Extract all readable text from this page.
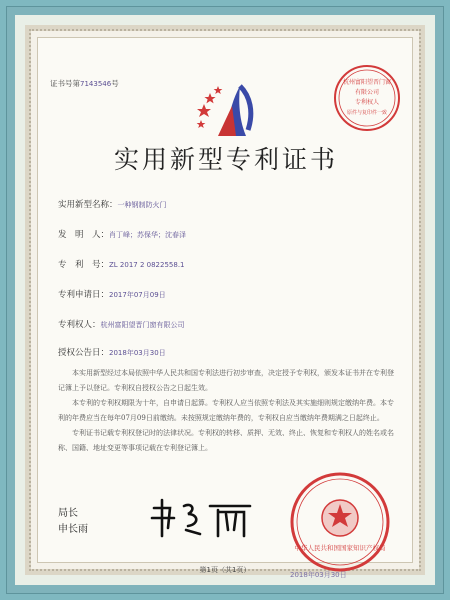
证书号第7143546号	杭州富阳望晋门窗
有限公司
专利权人
原件与复印件一致
实用新型专利证书
实用新型名称：一种钢制防火门
发　明　人：肖丁峰；苏保华；沈春泽
专　利　号：ZL 2017 2 0822558.1
专利申请日：2017年07月09日
专利权人：杭州富阳望晋门窗有限公司
授权公告日：2018年03月30日
本实用新型经过本局依照中华人民共和国专利法进行初步审查，决定授予专利权，颁发本证书并在专利登记簿上予以登记。专利权自授权公告之日起生效。
本专利的专利权期限为十年，自申请日起算。专利权人应当依照专利法及其实施细则规定缴纳年费。本专利的年费应当在每年07月09日前缴纳。未按照规定缴纳年费的，专利权自应当缴纳年费期满之日起终止。
专利证书记载专利权登记时的法律状况。专利权的转移、质押、无效、终止、恢复和专利权人的姓名或名称、国籍、地址变更等事项记载在专利登记簿上。
局长
申长雨
中华人民共和国国家知识产权局
2018年03月30日
第1页（共1页）
